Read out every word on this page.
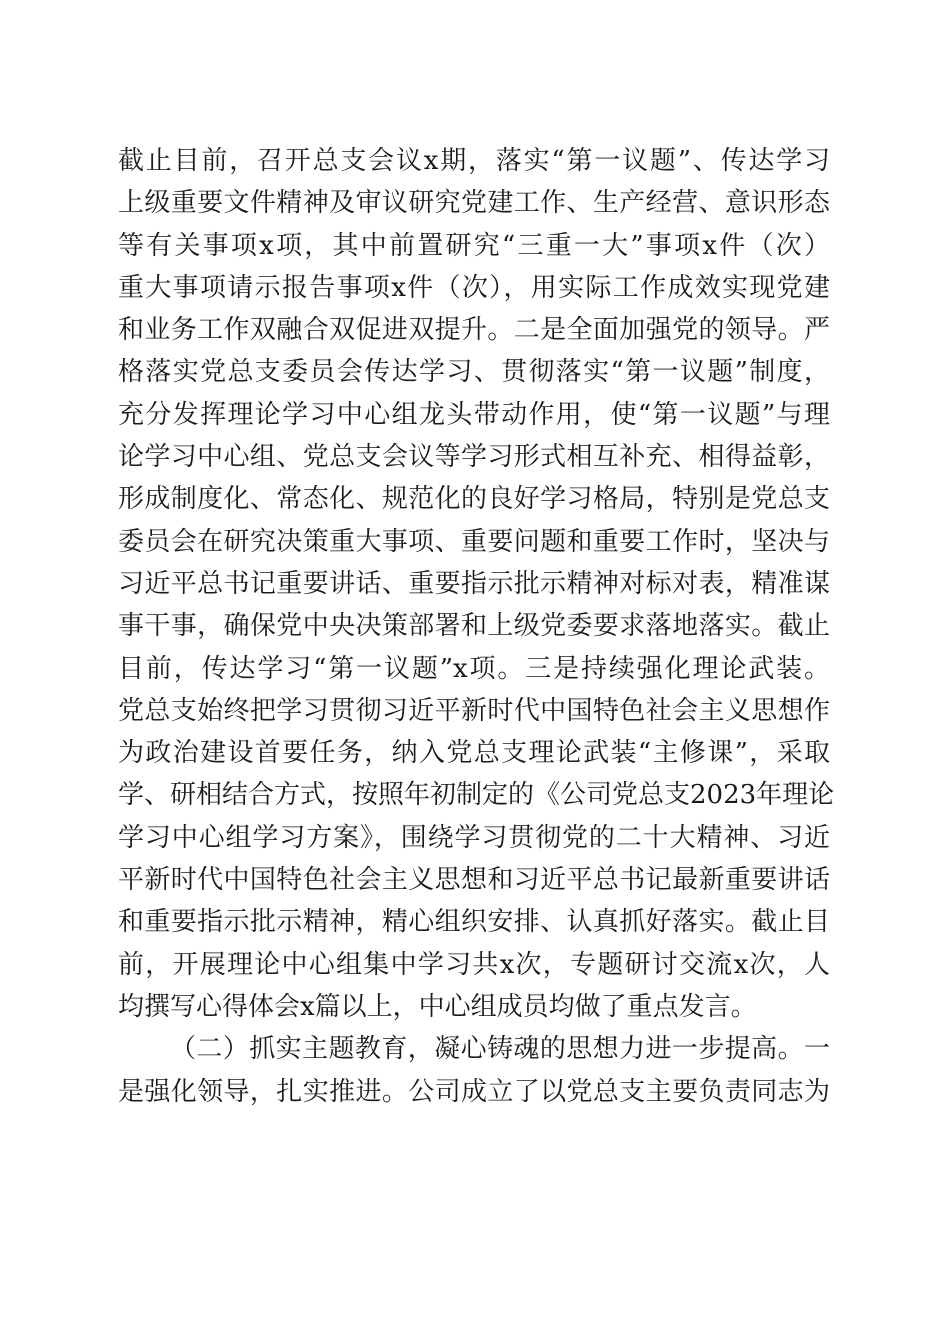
截止目前，召开总支会议x期，落实“第一议题”、传达学习
上级重要文件精神及审议研究党建工作、生产经营、意识形态
等有关事项x项，其中前置研究“三重一大”事项x件（次）
重大事项请示报告事项x件（次），用实际工作成效实现党建
和业务工作双融合双促进双提升。二是全面加强党的领导。严
格落实党总支委员会传达学习、贯彻落实“第一议题”制度，
充分发挥理论学习中心组龙头带动作用，使“第一议题”与理
论学习中心组、党总支会议等学习形式相互补充、相得益彰，
形成制度化、常态化、规范化的良好学习格局，特别是党总支
委员会在研究决策重大事项、重要问题和重要工作时，坚决与
习近平总书记重要讲话、重要指示批示精神对标对表，精准谋
事干事，确保党中央决策部署和上级党委要求落地落实。截止
目前，传达学习“第一议题”x项。三是持续强化理论武装。
党总支始终把学习贯彻习近平新时代中国特色社会主义思想作
为政治建设首要任务，纳入党总支理论武装“主修课”，采取
学、研相结合方式，按照年初制定的《公司党总支2023年理论
学习中心组学习方案》，围绕学习贯彻党的二十大精神、习近
平新时代中国特色社会主义思想和习近平总书记最新重要讲话
和重要指示批示精神，精心组织安排、认真抓好落实。截止目
前，开展理论中心组集中学习共x次，专题研讨交流x次，人
均撰写心得体会x篇以上，中心组成员均做了重点发言。
（二）抓实主题教育，凝心铸魂的思想力进一步提高。一
是强化领导，扎实推进。公司成立了以党总支主要负责同志为
